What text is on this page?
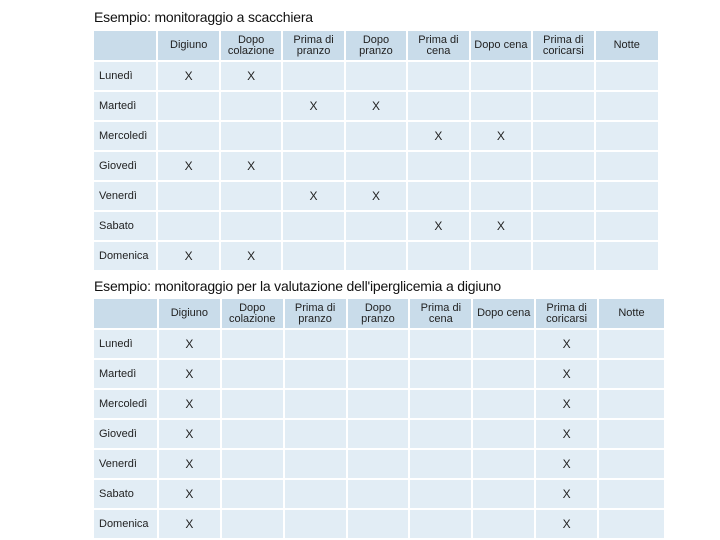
Esempio: monitoraggio a scacchiera
	Digiuno	Dopo colazione	Prima di pranzo	Dopo pranzo	Prima di cena	Dopo cena	Prima di coricarsi	Notte
Lunedì	X	X						
Martedì			X	X				
Mercoledì					X	X		
Giovedì	X	X						
Venerdì			X	X				
Sabato					X	X		
Domenica	X	X						
Esempio: monitoraggio per la valutazione dell'iperglicemia a digiuno
	Digiuno	Dopo colazione	Prima di pranzo	Dopo pranzo	Prima di cena	Dopo cena	Prima di coricarsi	Notte
Lunedì	X						X	
Martedì	X						X	
Mercoledì	X						X	
Giovedì	X						X	
Venerdì	X						X	
Sabato	X						X	
Domenica	X						X	
